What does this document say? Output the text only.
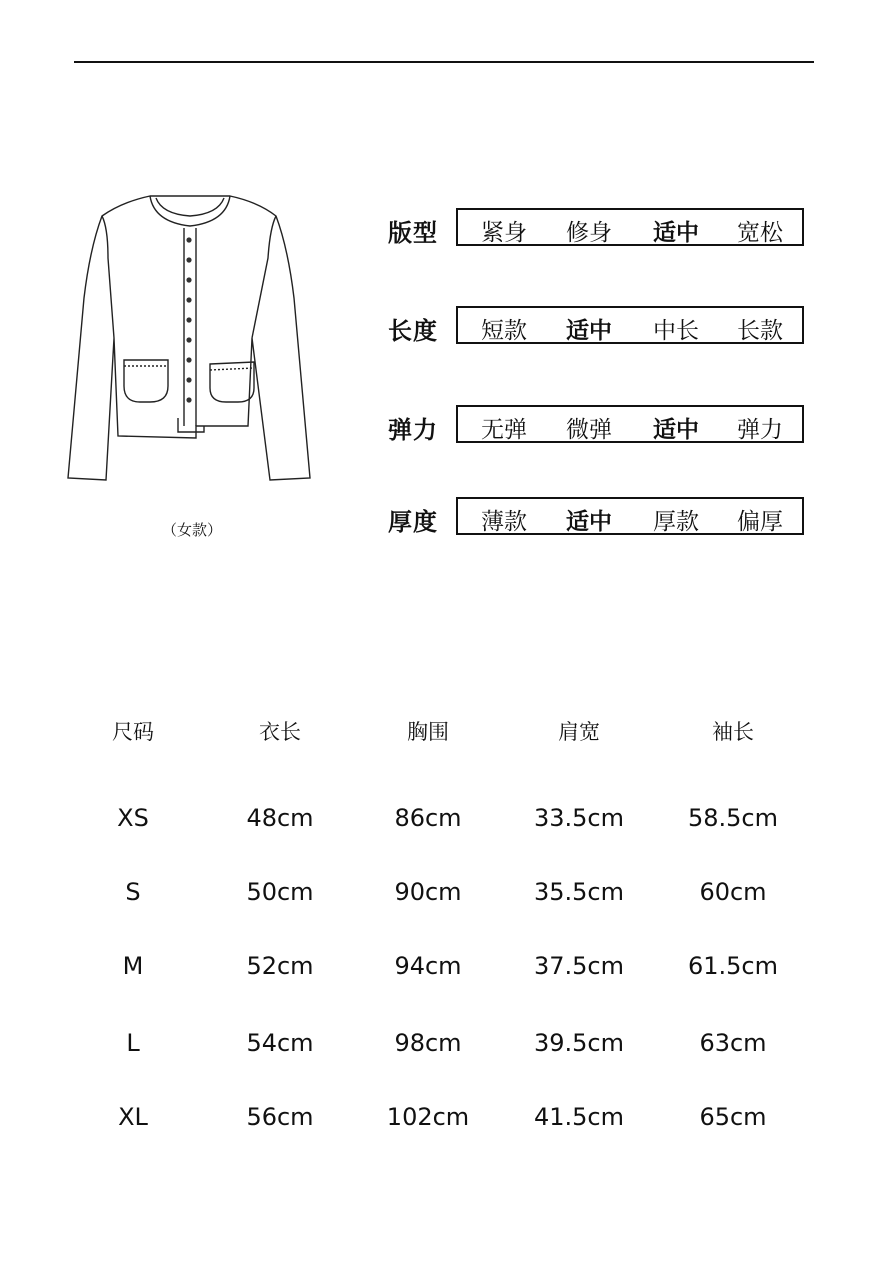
（女款）
版型	紧身	修身	适中	宽松
长度	短款	适中	中长	长款
弹力	无弹	微弹	适中	弹力
厚度	薄款	适中	厚款	偏厚
尺码	衣长	胸围	肩宽	袖长
XS	48cm	86cm	33.5cm	58.5cm
S	50cm	90cm	35.5cm	60cm
M	52cm	94cm	37.5cm	61.5cm
L	54cm	98cm	39.5cm	63cm
XL	56cm	102cm	41.5cm	65cm
